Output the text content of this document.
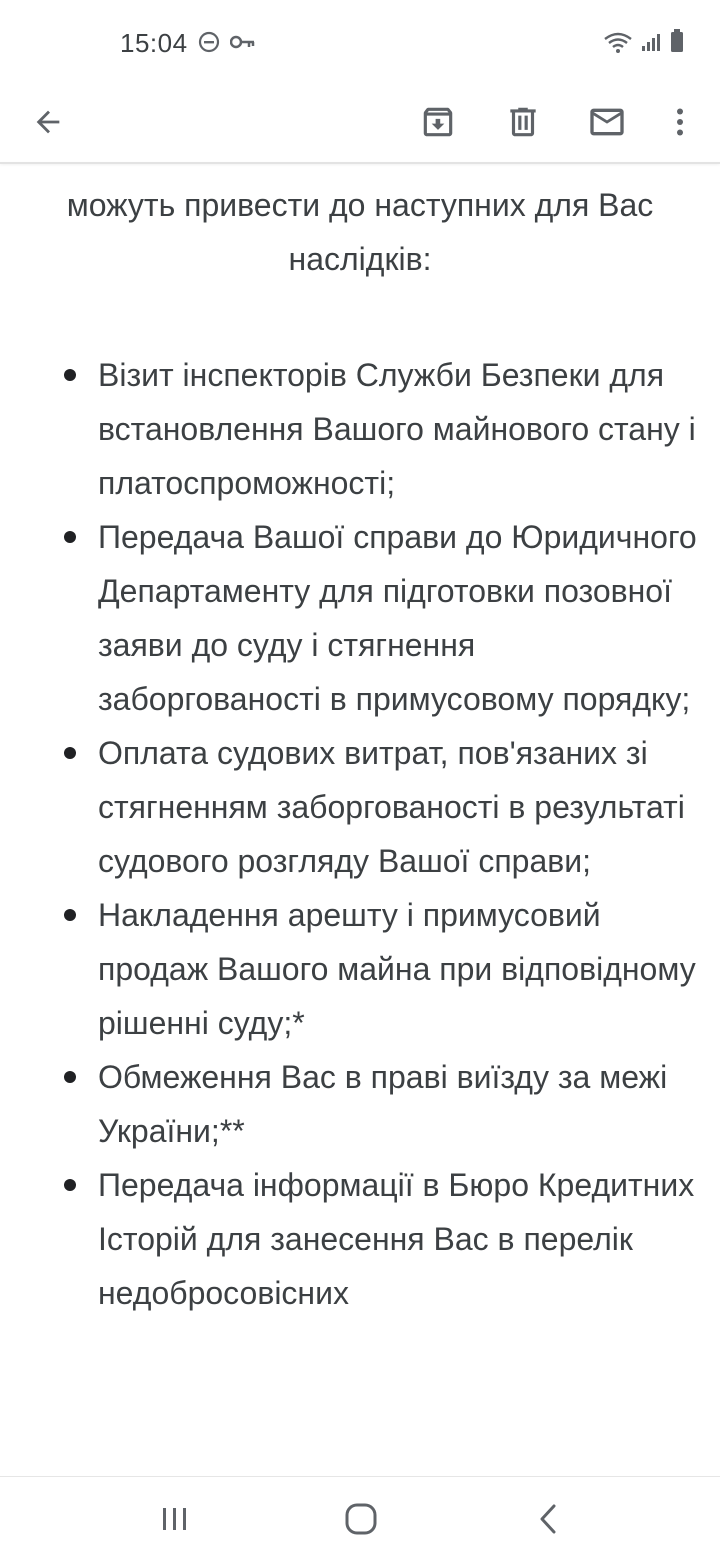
15:04

можуть привести до наступних для Вас наслідків:

Візит інспекторів Служби Безпеки для встановлення Вашого майнового стану і платоспроможності;
Передача Вашої справи до Юридичного Департаменту для підготовки позовної заяви до суду і стягнення заборгованості в примусовому порядку;
Оплата судових витрат, пов'язаних зі стягненням заборгованості в результаті судового розгляду Вашої справи;
Накладення арешту і примусовий продаж Вашого майна при відповідному рішенні суду;*
Обмеження Вас в праві виїзду за межі України;**
Передача інформації в Бюро Кредитних Історій для занесення Вас в перелік недобросовісних
